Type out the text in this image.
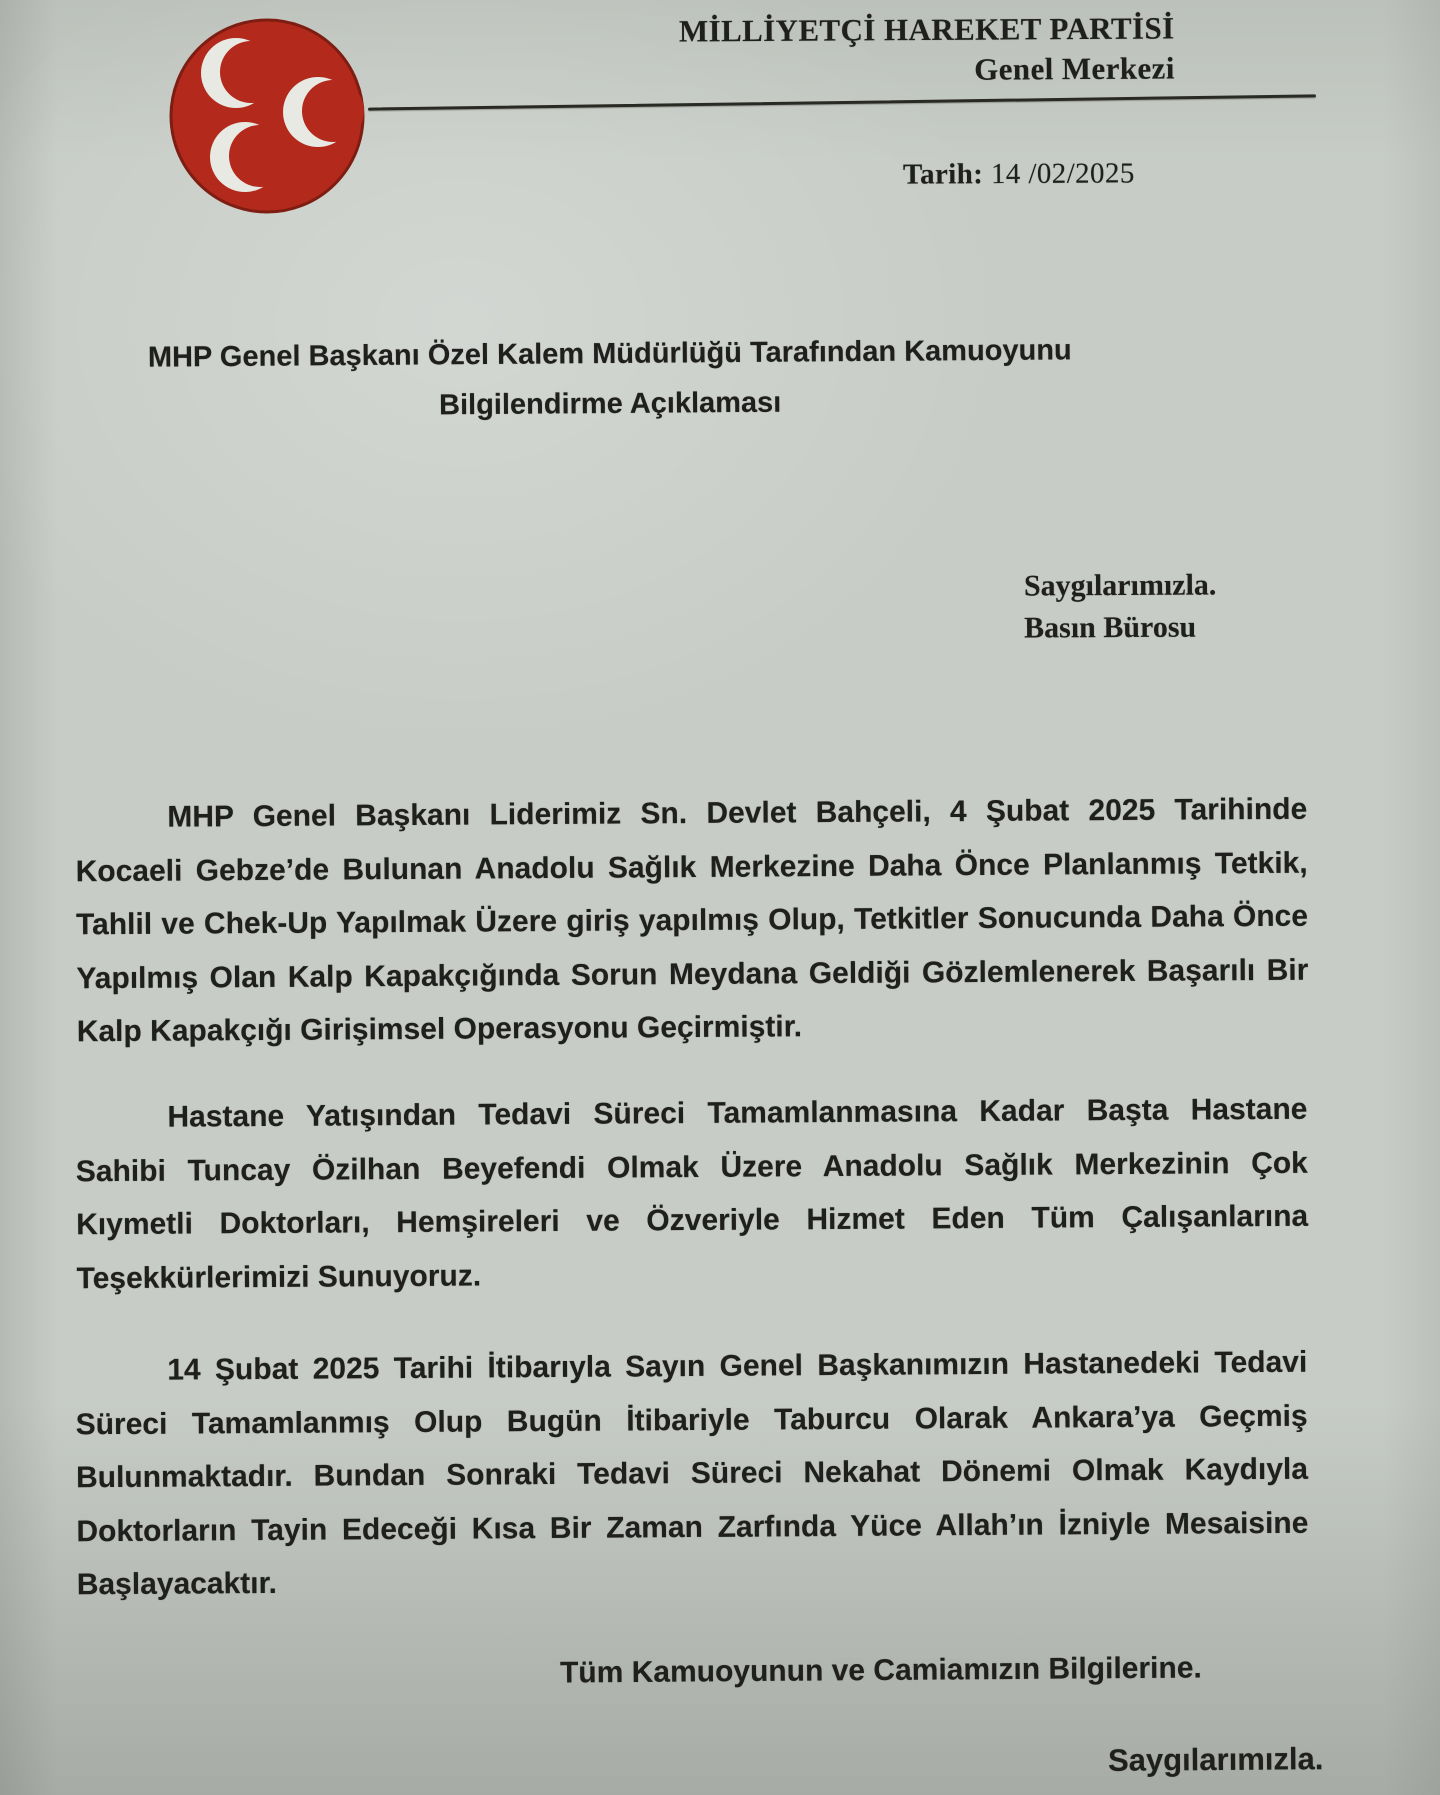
MİLLİYETÇİ HAREKET PARTİSİ
Genel Merkezi
Tarih: 14 /02/2025
MHP Genel Başkanı Özel Kalem Müdürlüğü Tarafından Kamuoyunu
Bilgilendirme Açıklaması
Saygılarımızla.
Basın Bürosu
MHP Genel Başkanı Liderimiz Sn. Devlet Bahçeli, 4 Şubat 2025 Tarihinde Kocaeli Gebze’de Bulunan Anadolu Sağlık Merkezine Daha Önce Planlanmış Tetkik, Tahlil ve Chek-Up Yapılmak Üzere giriş yapılmış Olup, Tetkitler Sonucunda Daha Önce Yapılmış Olan Kalp Kapakçığında Sorun Meydana Geldiği Gözlemlenerek Başarılı Bir Kalp Kapakçığı Girişimsel Operasyonu Geçirmiştir.
Hastane Yatışından Tedavi Süreci Tamamlanmasına Kadar Başta Hastane Sahibi Tuncay Özilhan Beyefendi Olmak Üzere Anadolu Sağlık Merkezinin Çok Kıymetli Doktorları, Hemşireleri ve Özveriyle Hizmet Eden Tüm Çalışanlarına Teşekkürlerimizi Sunuyoruz.
14 Şubat 2025 Tarihi İtibarıyla Sayın Genel Başkanımızın Hastanedeki Tedavi Süreci Tamamlanmış Olup Bugün İtibariyle Taburcu Olarak Ankara’ya Geçmiş Bulunmaktadır. Bundan Sonraki Tedavi Süreci Nekahat Dönemi Olmak Kaydıyla Doktorların Tayin Edeceği Kısa Bir Zaman Zarfında Yüce Allah’ın İzniyle Mesaisine Başlayacaktır.
Tüm Kamuoyunun ve Camiamızın Bilgilerine.
Saygılarımızla.
